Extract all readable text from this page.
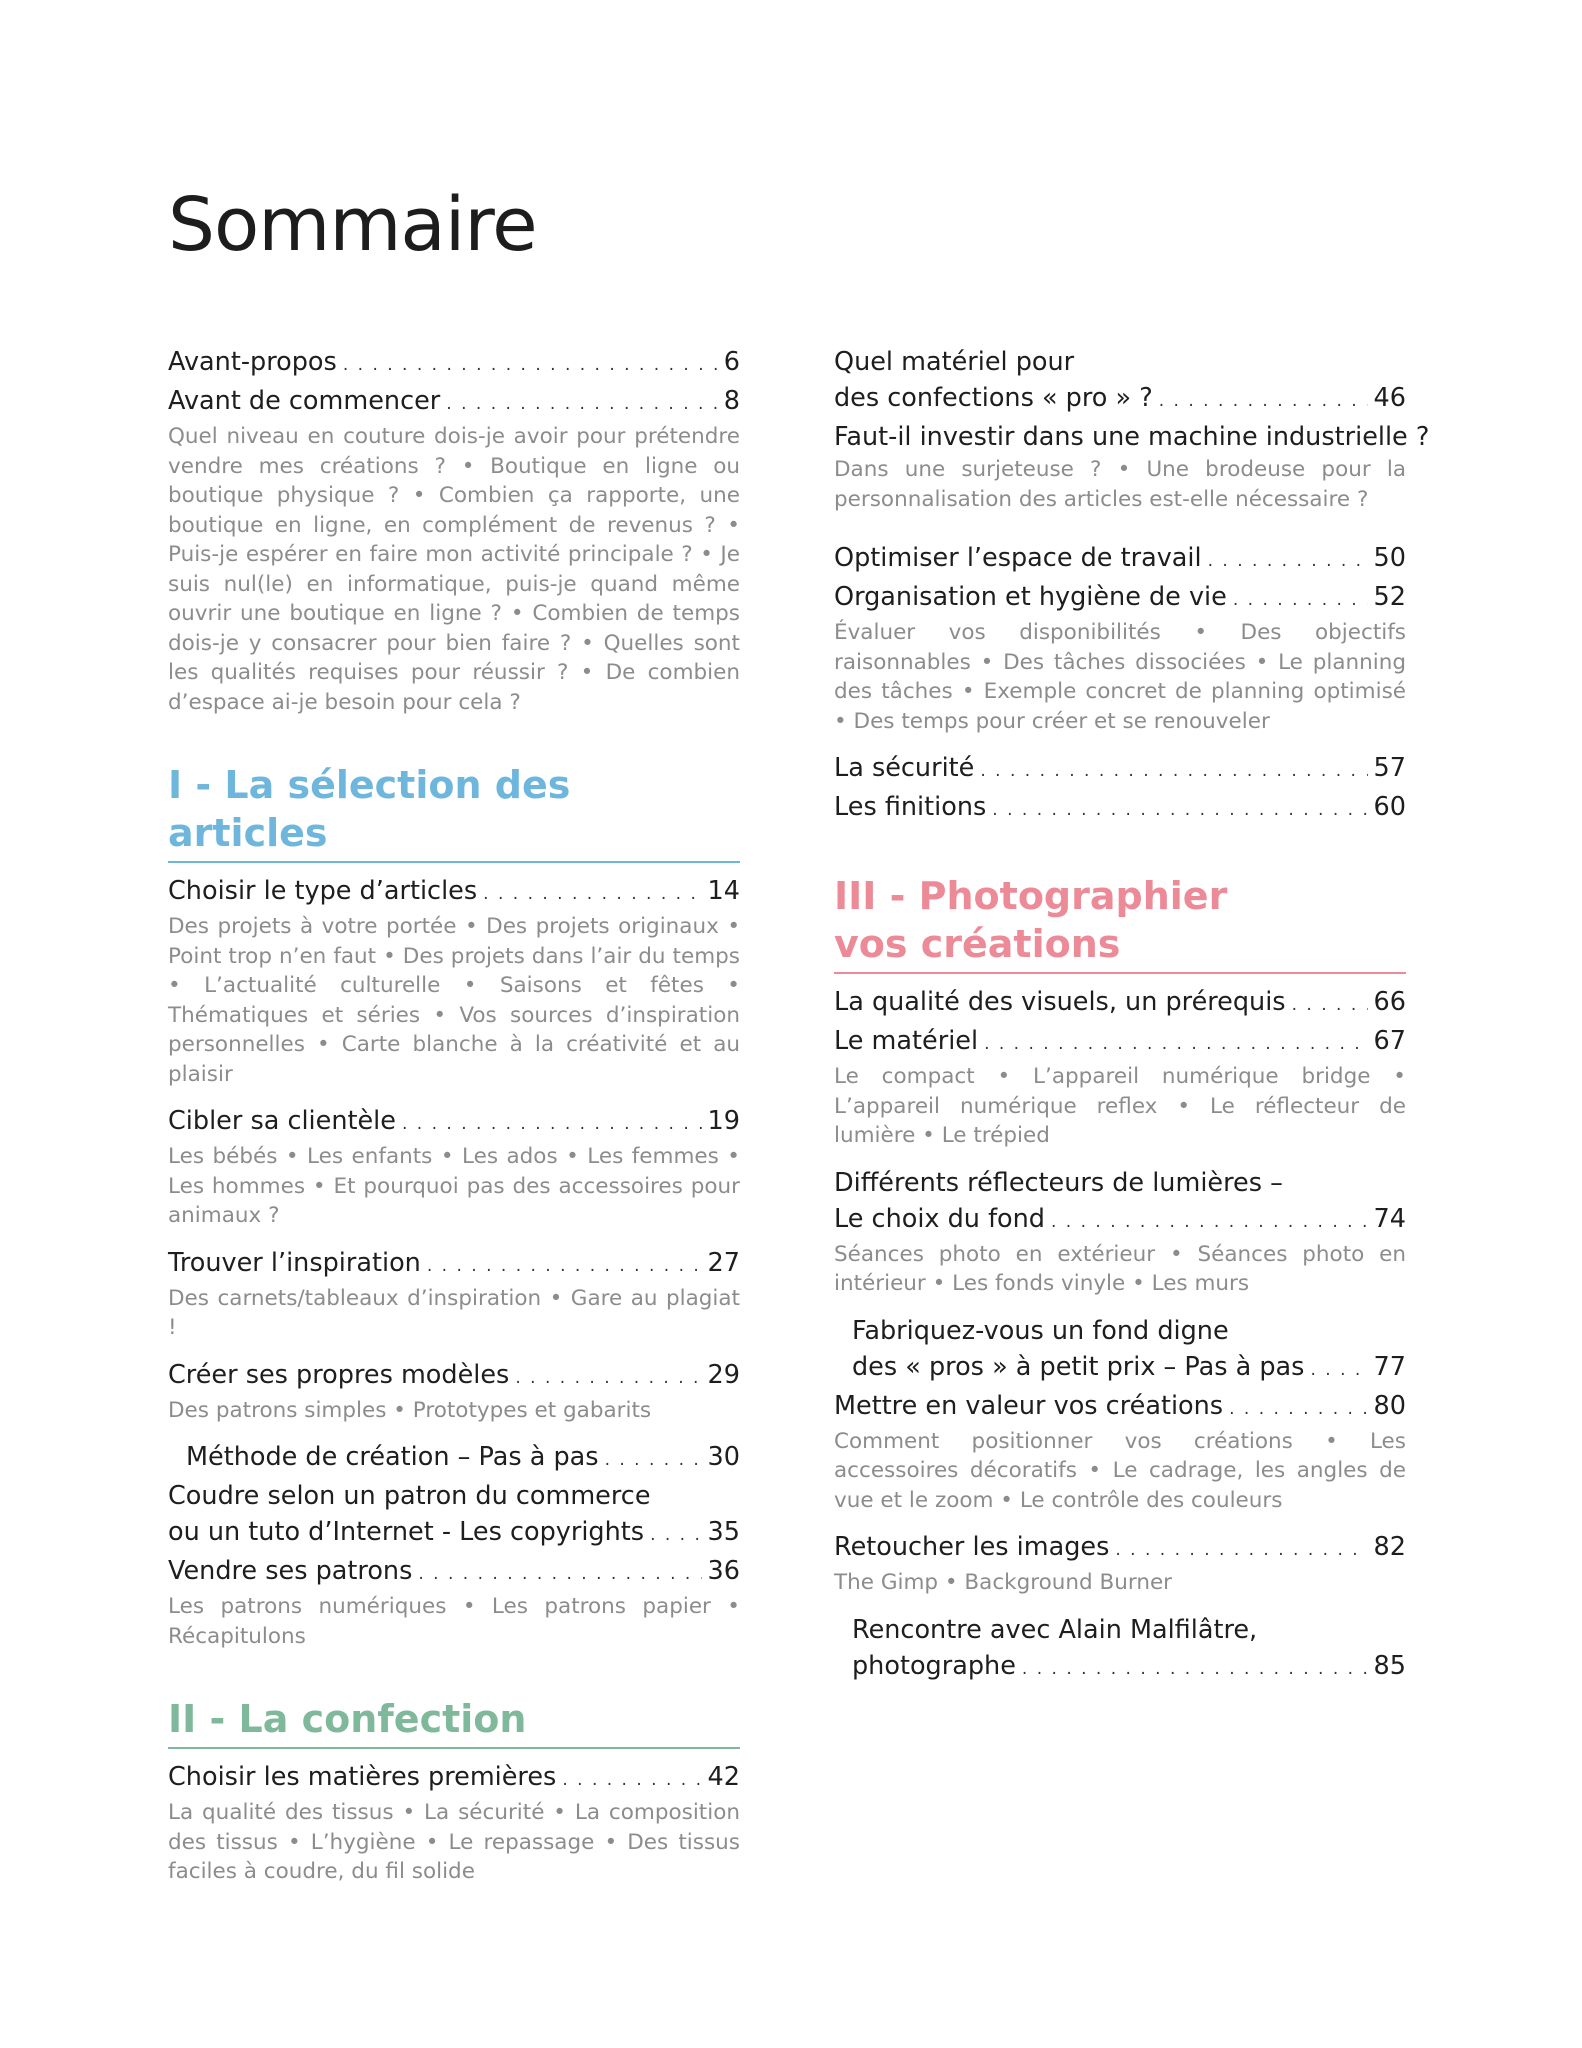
Sommaire
Avant-propos . . .	6
Avant de commencer . . .	8
Quel niveau en couture dois-je avoir pour prétendre vendre mes créations ? • Boutique en ligne ou boutique physique ? • Combien ça rapporte, une boutique en ligne, en complément de revenus ? • Puis-je espérer en faire mon activité principale ? • Je suis nul(le) en informatique, puis-je quand même ouvrir une boutique en ligne ? • Combien de temps dois-je y consacrer pour bien faire ? • Quelles sont les qualités requises pour réussir ? • De combien d’espace ai-je besoin pour cela ?
I - La sélection des articles
Choisir le type d’articles . . .	14
Des projets à votre portée • Des projets originaux • Point trop n’en faut • Des projets dans l’air du temps • L’actualité culturelle • Saisons et fêtes • Thématiques et séries • Vos sources d’inspiration personnelles • Carte blanche à la créativité et au plaisir
Cibler sa clientèle . . .	19
Les bébés • Les enfants • Les ados • Les femmes • Les hommes • Et pourquoi pas des accessoires pour animaux ?
Trouver l’inspiration . . .	27
Des carnets/tableaux d’inspiration • Gare au plagiat !
Créer ses propres modèles . . .	29
Des patrons simples • Prototypes et gabarits
Méthode de création – Pas à pas . . .	30
Coudre selon un patron du commerce
ou un tuto d’Internet - Les copyrights . . . 35
Vendre ses patrons . . .	36
Les patrons numériques • Les patrons papier • Récapitulons
II - La confection
Choisir les matières premières . . .	42
La qualité des tissus • La sécurité • La composition des tissus • L’hygiène • Le repassage • Des tissus faciles à coudre, du fil solide
Quel matériel pour
des confections « pro » ? . . .	46
Faut-il investir dans une machine industrielle ?
Dans une surjeteuse ? • Une brodeuse pour la personnalisation des articles est-elle nécessaire ?
Optimiser l’espace de travail . . .	50
Organisation et hygiène de vie . . .	52
Évaluer vos disponibilités • Des objectifs raisonnables • Des tâches dissociées • Le planning des tâches • Exemple concret de planning optimisé • Des temps pour créer et se renouveler
La sécurité . . .	57
Les finitions . . .	60
III - Photographier
vos créations
La qualité des visuels, un prérequis . . .	66
Le matériel . . .	67
Le compact • L’appareil numérique bridge • L’appareil numérique reflex • Le réflecteur de lumière • Le trépied
Différents réflecteurs de lumières –
Le choix du fond . . .	74
Séances photo en extérieur • Séances photo en intérieur • Les fonds vinyle • Les murs
Fabriquez-vous un fond digne
des « pros » à petit prix – Pas à pas . . .	77
Mettre en valeur vos créations . . .	80
Comment positionner vos créations • Les accessoires décoratifs • Le cadrage, les angles de vue et le zoom • Le contrôle des couleurs
Retoucher les images . . .	82
The Gimp • Background Burner
Rencontre avec Alain Malfilâtre,
photographe . . .	85
